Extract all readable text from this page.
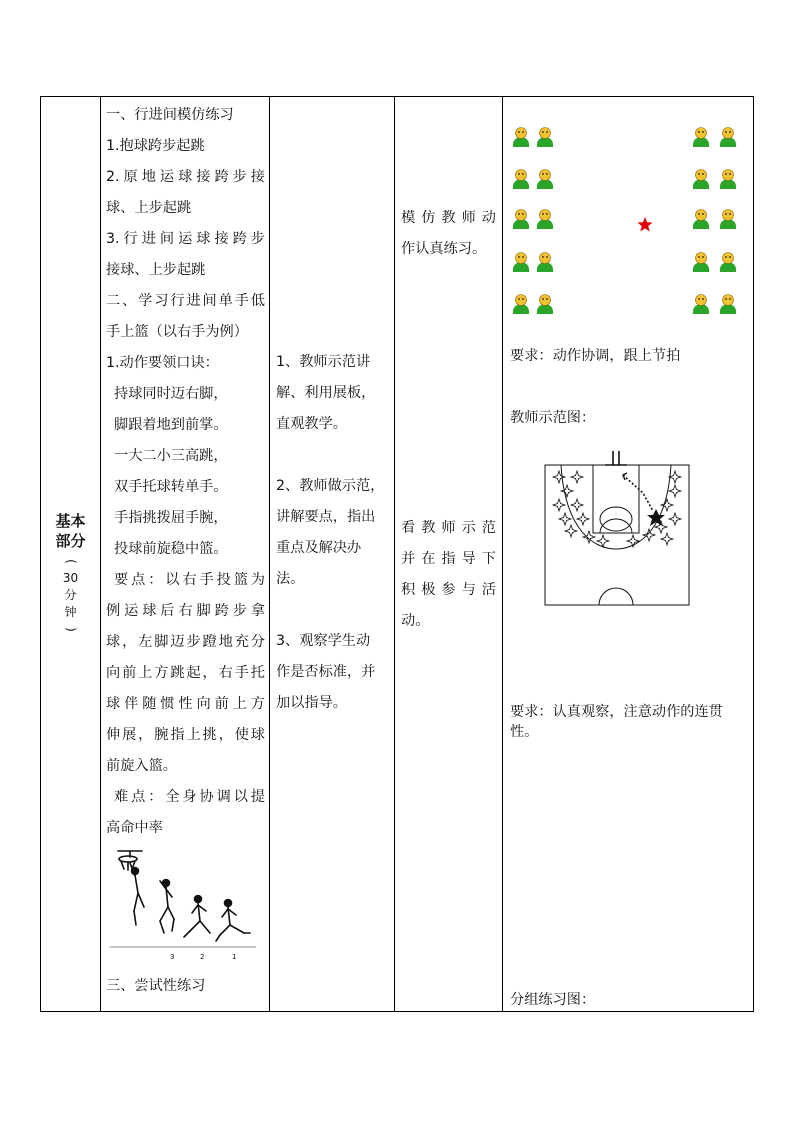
基本
部分
(

30
分
钟
)
一、行进间模仿练习
1.抱球跨步起跳
2.原地运球接跨步接
球、上步起跳
3.行进间运球接跨步
接球、上步起跳
二、学习行进间单手低
手上篮（以右手为例）
1.动作要领口诀：
持球同时迈右脚，
脚跟着地到前掌。
一大二小三高跳，
双手托球转单手。
手指挑拨屈手腕，
投球前旋稳中篮。
要点：以右手投篮为
例运球后右脚跨步拿
球，左脚迈步蹬地充分
向前上方跳起，右手托
球伴随惯性向前上方
伸展，腕指上挑，使球
前旋入篮。
难点：全身协调以提
高命中率
3	2	1
三、尝试性练习
1、教师示范讲
解、利用展板，
直观教学。
2、教师做示范，
讲解要点，指出
重点及解决办
法。
3、观察学生动
作是否标准，并
加以指导。
模仿教师动
作认真练习。
看教师示范
并在指导下
积极参与活
动。
要求：动作协调，跟上节拍
教师示范图：
要求：认真观察，注意动作的连贯
性。
分组练习图：
